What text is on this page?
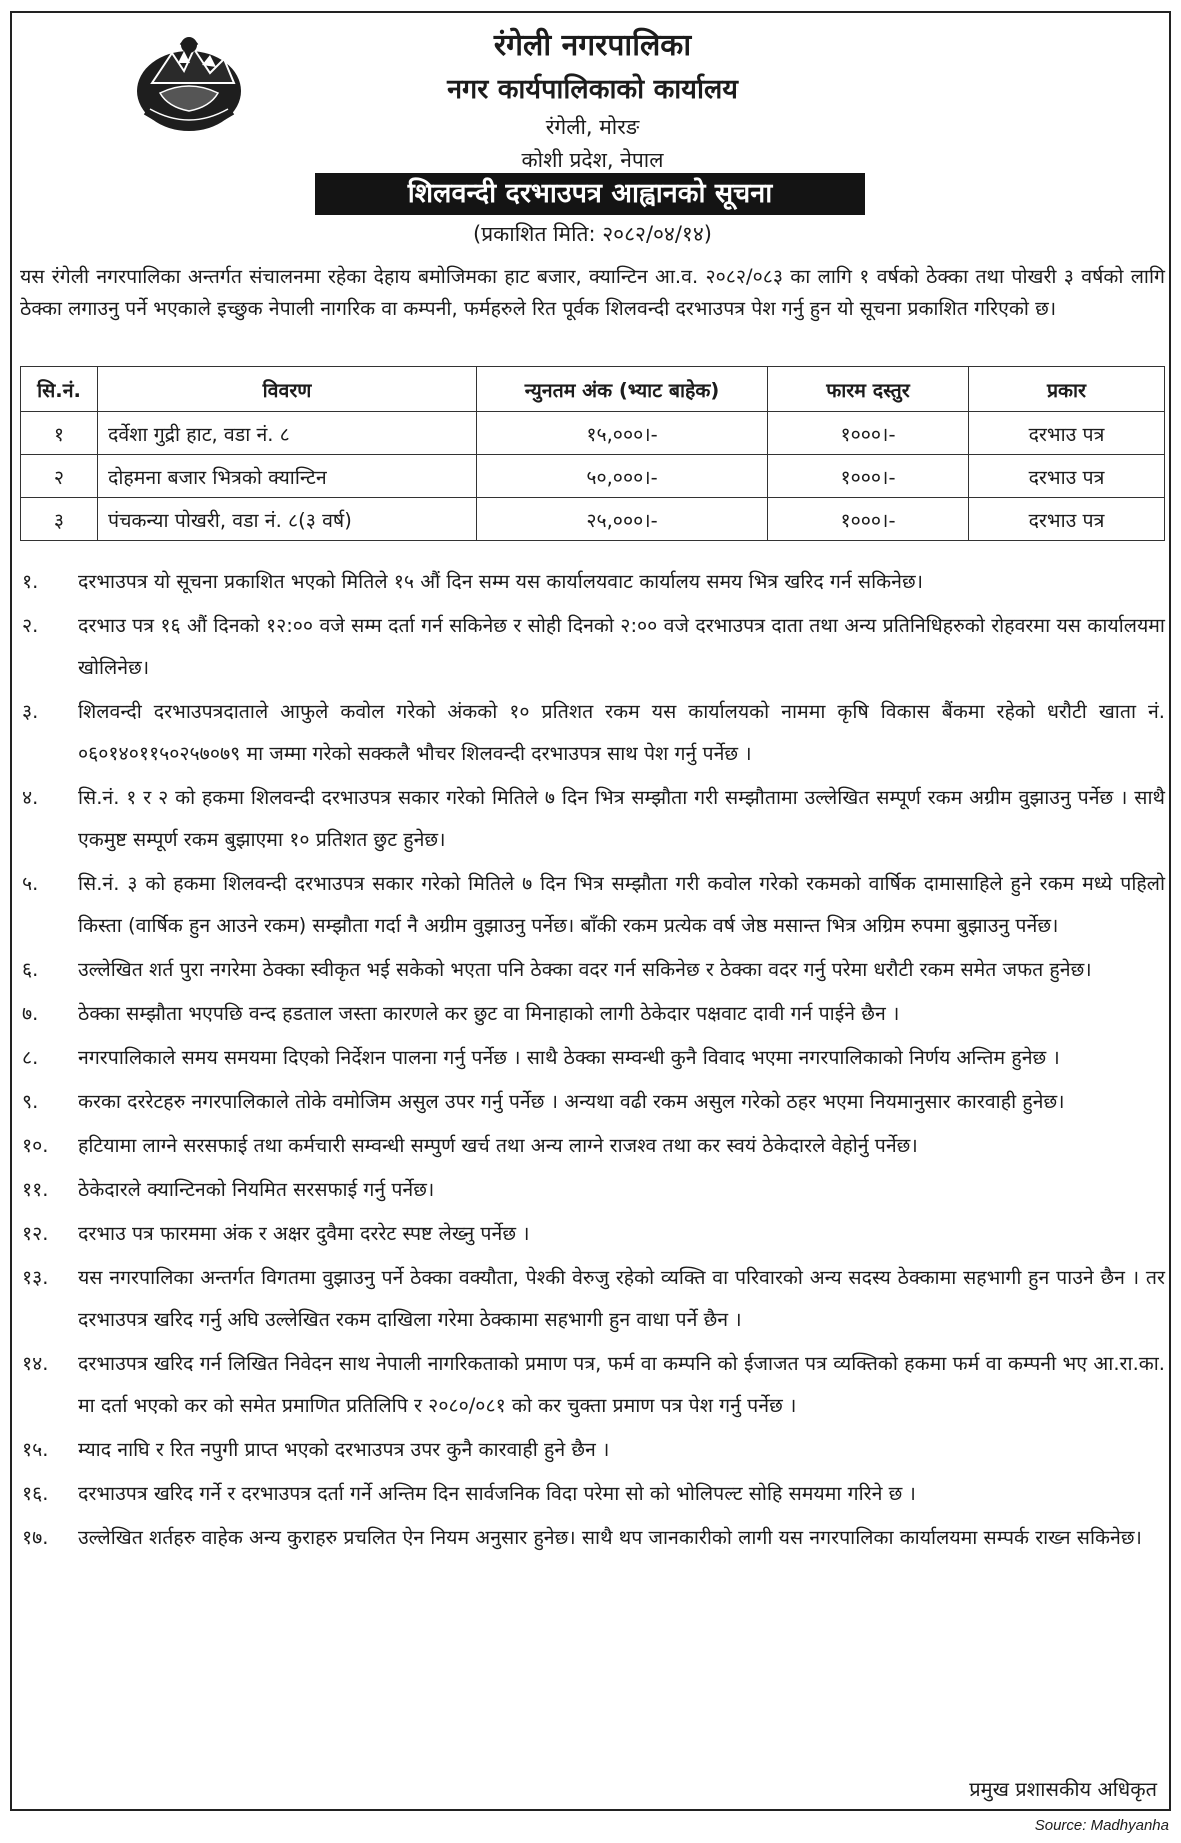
रंगेली नगरपालिका
नगर कार्यपालिकाको कार्यालय
रंगेली, मोरङ
कोशी प्रदेश, नेपाल
शिलवन्दी दरभाउपत्र आह्वानको सूचना
(प्रकाशित मिति: २०८२/०४/१४)
यस रंगेली नगरपालिका अन्तर्गत संचालनमा रहेका देहाय बमोजिमका हाट बजार, क्यान्टिन आ.व. २०८२/०८३ का लागि १ वर्षको ठेक्का तथा पोखरी ३ वर्षको लागि ठेक्का लगाउनु पर्ने भएकाले इच्छुक नेपाली नागरिक वा कम्पनी, फर्महरुले रित पूर्वक शिलवन्दी दरभाउपत्र पेश गर्नु हुन यो सूचना प्रकाशित गरिएको छ।
सि.नं.	विवरण	न्युनतम अंक (भ्याट बाहेक)	फारम दस्तुर	प्रकार
१	दर्वेशा गुद्री हाट, वडा नं. ८	१५,०००।-	१०००।-	दरभाउ पत्र
२	दोहमना बजार भित्रको क्यान्टिन	५०,०००।-	१०००।-	दरभाउ पत्र
३	पंचकन्या पोखरी, वडा नं. ८(३ वर्ष)	२५,०००।-	१०००।-	दरभाउ पत्र
१.	दरभाउपत्र यो सूचना प्रकाशित भएको मितिले १५ औं दिन सम्म यस कार्यालयवाट कार्यालय समय भित्र खरिद गर्न सकिनेछ।
२.	दरभाउ पत्र १६ औं दिनको १२:०० वजे सम्म दर्ता गर्न सकिनेछ र सोही दिनको २:०० वजे दरभाउपत्र दाता तथा अन्य प्रतिनिधिहरुको रोहवरमा यस कार्यालयमा खोलिनेछ।
३.	शिलवन्दी दरभाउपत्रदाताले आफुले कवोल गरेको अंकको १० प्रतिशत रकम यस कार्यालयको नाममा कृषि विकास बैंकमा रहेको धरौटी खाता नं. ०६०१४०११५०२५७०७९ मा जम्मा गरेको सक्कलै भौचर शिलवन्दी दरभाउपत्र साथ पेश गर्नु पर्नेछ ।
४.	सि.नं. १ र २ को हकमा शिलवन्दी दरभाउपत्र सकार गरेको मितिले ७ दिन भित्र सम्झौता गरी सम्झौतामा उल्लेखित सम्पूर्ण रकम अग्रीम वुझाउनु पर्नेछ । साथै एकमुष्ट सम्पूर्ण रकम बुझाएमा १० प्रतिशत छुट हुनेछ।
५.	सि.नं. ३ को हकमा शिलवन्दी दरभाउपत्र सकार गरेको मितिले ७ दिन भित्र सम्झौता गरी कवोल गरेको रकमको वार्षिक दामासाहिले हुने रकम मध्ये पहिलो किस्ता (वार्षिक हुन आउने रकम) सम्झौता गर्दा नै अग्रीम वुझाउनु पर्नेछ। बाँकी रकम प्रत्येक वर्ष जेष्ठ मसान्त भित्र अग्रिम रुपमा बुझाउनु पर्नेछ।
६.	उल्लेखित शर्त पुरा नगरेमा ठेक्का स्वीकृत भई सकेको भएता पनि ठेक्का वदर गर्न सकिनेछ र ठेक्का वदर गर्नु परेमा धरौटी रकम समेत जफत हुनेछ।
७.	ठेक्का सम्झौता भएपछि वन्द हडताल जस्ता कारणले कर छुट वा मिनाहाको लागी ठेकेदार पक्षवाट दावी गर्न पाईने छैन ।
८.	नगरपालिकाले समय समयमा दिएको निर्देशन पालना गर्नु पर्नेछ । साथै ठेक्का सम्वन्धी कुनै विवाद भएमा नगरपालिकाको निर्णय अन्तिम हुनेछ ।
९.	करका दररेटहरु नगरपालिकाले तोके वमोजिम असुल उपर गर्नु पर्नेछ । अन्यथा वढी रकम असुल गरेको ठहर भएमा नियमानुसार कारवाही हुनेछ।
१०.	हटियामा लाग्ने सरसफाई तथा कर्मचारी सम्वन्धी सम्पुर्ण खर्च तथा अन्य लाग्ने राजश्व तथा कर स्वयं ठेकेदारले वेहोर्नु पर्नेछ।
११.	ठेकेदारले क्यान्टिनको नियमित सरसफाई गर्नु पर्नेछ।
१२.	दरभाउ पत्र फारममा अंक र अक्षर दुवैमा दररेट स्पष्ट लेख्नु पर्नेछ ।
१३.	यस नगरपालिका अन्तर्गत विगतमा वुझाउनु पर्ने ठेक्का वक्यौता, पेश्की वेरुजु रहेको व्यक्ति वा परिवारको अन्य सदस्य ठेक्कामा सहभागी हुन पाउने छैन । तर दरभाउपत्र खरिद गर्नु अघि उल्लेखित रकम दाखिला गरेमा ठेक्कामा सहभागी हुन वाधा पर्ने छैन ।
१४.	दरभाउपत्र खरिद गर्न लिखित निवेदन साथ नेपाली नागरिकताको प्रमाण पत्र, फर्म वा कम्पनि को ईजाजत पत्र व्यक्तिको हकमा फर्म वा कम्पनी भए आ.रा.का. मा दर्ता भएको कर को समेत प्रमाणित प्रतिलिपि र २०८०/०८१ को कर चुक्ता प्रमाण पत्र पेश गर्नु पर्नेछ ।
१५.	म्याद नाघि र रित नपुगी प्राप्त भएको दरभाउपत्र उपर कुनै कारवाही हुने छैन ।
१६.	दरभाउपत्र खरिद गर्ने र दरभाउपत्र दर्ता गर्ने अन्तिम दिन सार्वजनिक विदा परेमा सो को भोलिपल्ट सोहि समयमा गरिने छ ।
१७.	उल्लेखित शर्तहरु वाहेक अन्य कुराहरु प्रचलित ऐन नियम अनुसार हुनेछ। साथै थप जानकारीको लागी यस नगरपालिका कार्यालयमा सम्पर्क राख्न सकिनेछ।
प्रमुख प्रशासकीय अधिकृत
Source: Madhyanha
